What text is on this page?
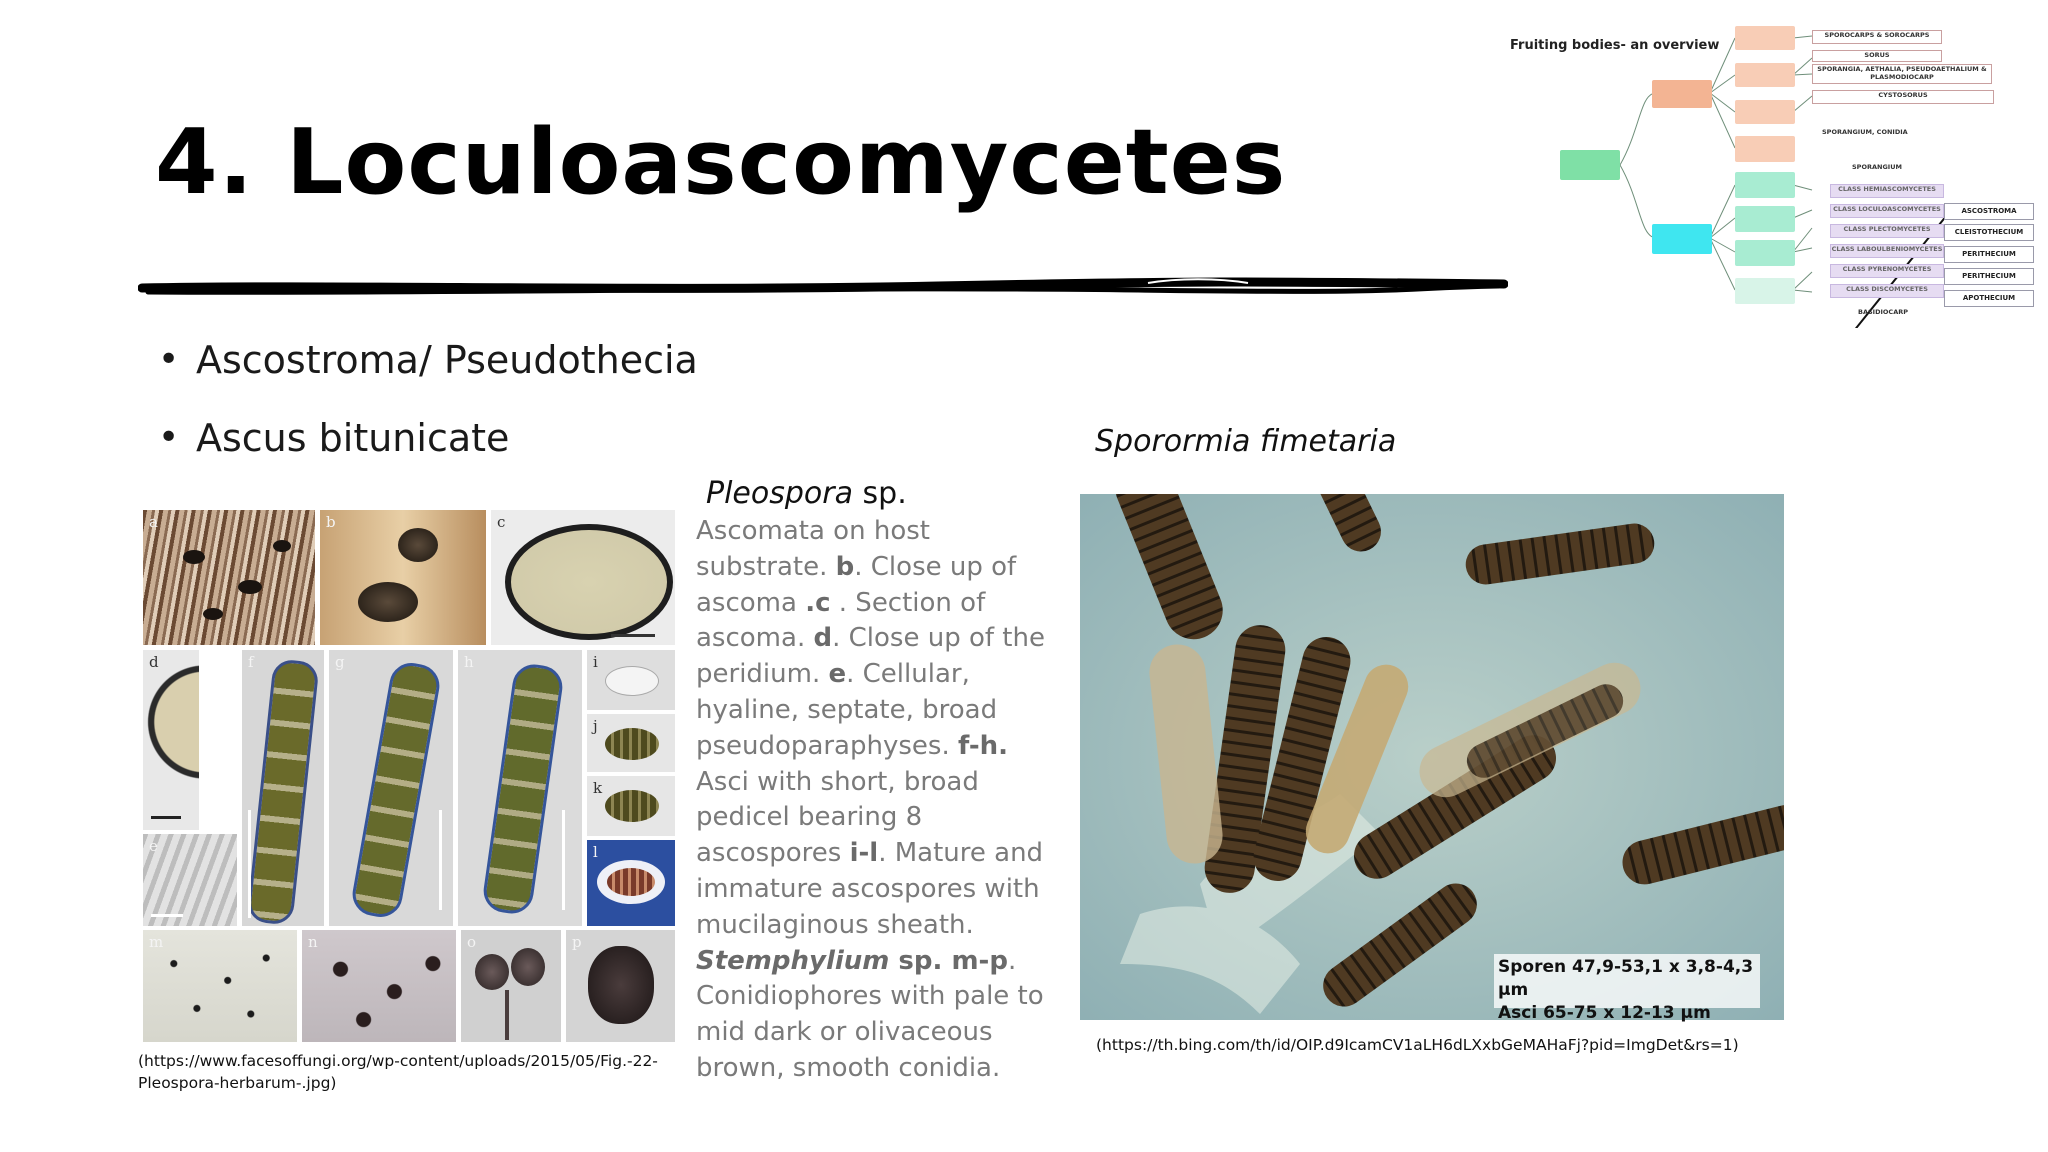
4. Loculoascomycetes
• Ascostroma/ Pseudothecia
• Ascus bitunicate
a	b	c
d
e
f	g	h	i
j
k
l
m	n	o	p
(https://www.facesoffungi.org/wp-content/uploads/2015/05/Fig.-22-Pleospora-herbarum-.jpg)
Pleospora sp.
Ascomata on host substrate. b. Close up of ascoma .c . Section of ascoma. d. Close up of the peridium. e. Cellular, hyaline, septate, broad pseudoparaphyses. f-h. Asci with short, broad pedicel bearing 8 ascospores i-l. Mature and immature ascospores with mucilaginous sheath. Stemphylium sp. m-p. Conidiophores with pale to mid dark or olivaceous brown, smooth conidia.
Sporormia fimetaria
Sporen 47,9-53,1 x 3,8-4,3 µm
Asci 65-75 x 12-13 µm
(https://th.bing.com/th/id/OIP.d9IcamCV1aLH6dLXxbGeMAHaFj?pid=ImgDet&rs=1)
Fruiting bodies- an overview
SPOROCARPS & SOROCARPS
SORUS
SPORANGIA, AETHALIA, PSEUDOAETHALIUM & PLASMODIOCARP
CYSTOSORUS
SPORANGIUM, CONIDIA
SPORANGIUM
CLASS HEMIASCOMYCETES
CLASS LOCULOASCOMYCETES
CLASS PLECTOMYCETES
CLASS LABOULBENIOMYCETES
CLASS PYRENOMYCETES
CLASS DISCOMYCETES
BASIDIOCARP
ASCOSTROMA
CLEISTOTHECIUM
PERITHECIUM
PERITHECIUM
APOTHECIUM
